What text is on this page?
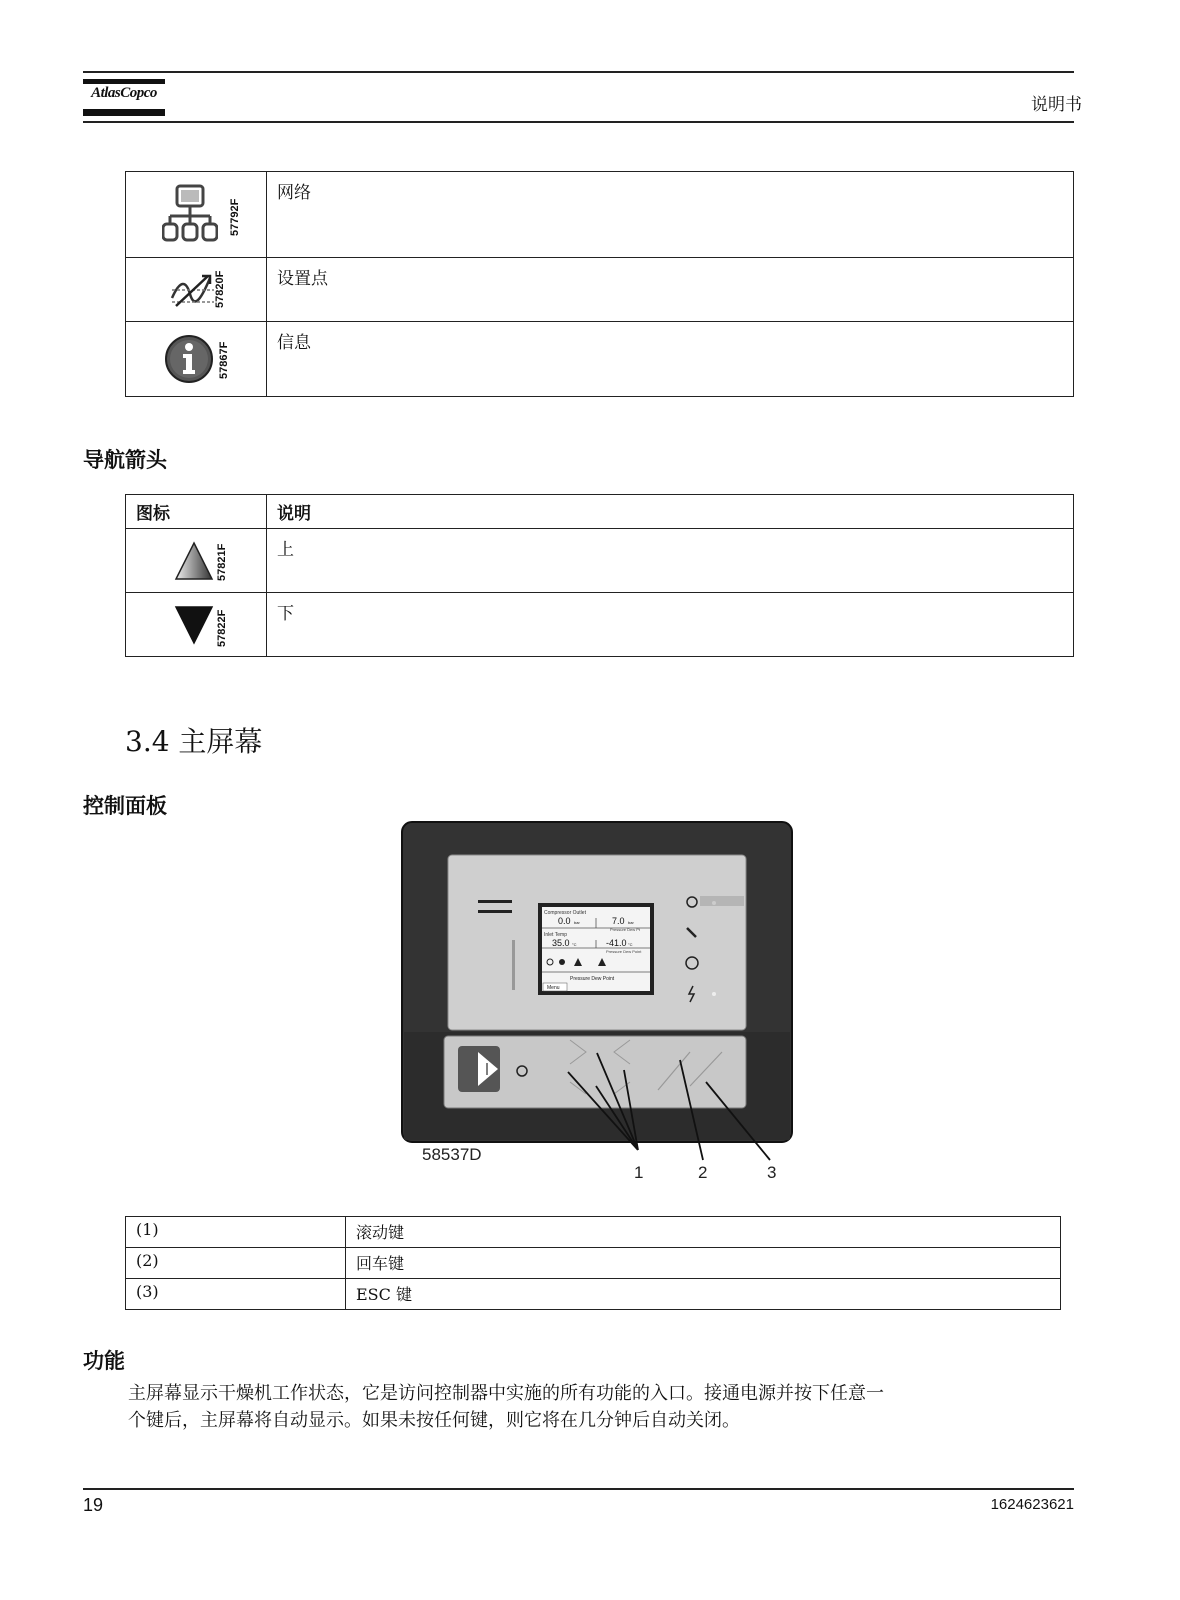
AtlasCopco
说明书
57792F	网络

57820F	设置点

57867F	信息
导航箭头
图标	说明

57821F	上

57822F	下
3.4 主屏幕
控制面板
58537D
1	2	3
Compressor Outlet
0.0 bar	7.0 bar
Pressure Dew Pt
Inlet Temp
35.0 °C	-41.0 °C
Pressure Dew Point
Pressure Dew Point
Menu
(1)	滚动键
(2)	回车键
(3)	ESC 键
功能
主屏幕显示干燥机工作状态，它是访问控制器中实施的所有功能的入口。接通电源并按下任意一
个键后，主屏幕将自动显示。如果未按任何键，则它将在几分钟后自动关闭。
19	1624623621
